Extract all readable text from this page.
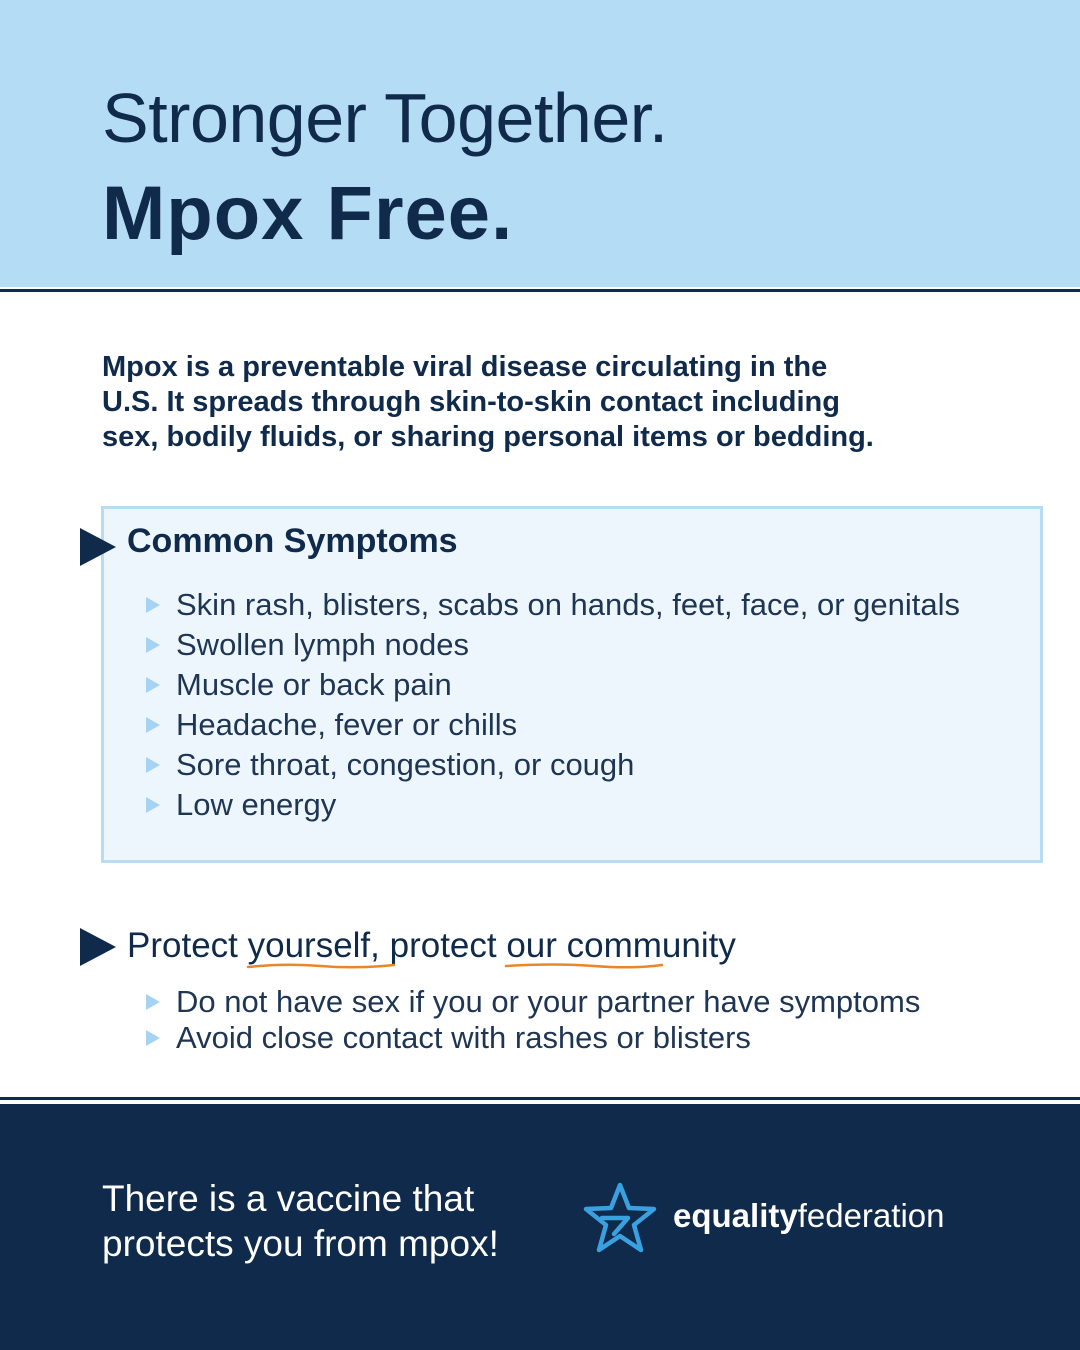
Stronger Together.
Mpox Free.
Mpox is a preventable viral disease circulating in the
U.S. It spreads through skin-to-skin contact including
sex, bodily fluids, or sharing personal items or bedding.
Common Symptoms
Skin rash, blisters, scabs on hands, feet, face, or genitals
Swollen lymph nodes
Muscle or back pain
Headache, fever or chills
Sore throat, congestion, or cough
Low energy
Protect yourself
, protect our community
Do not have sex if you or your partner have symptoms
Avoid close contact with rashes or blisters
There is a vaccine that
protects you from mpox!
equalityfederation
